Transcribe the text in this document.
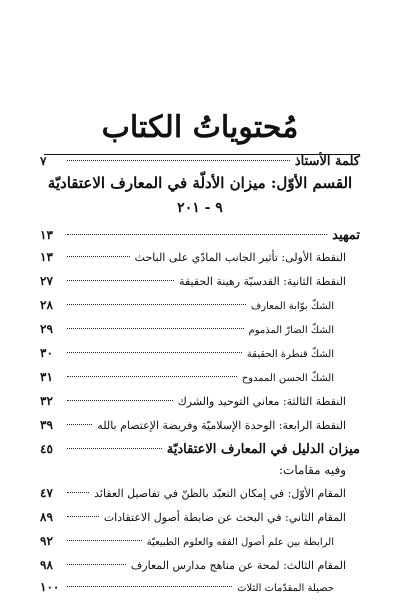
مُحتوياتُ الكتاب
كلمة الأستاذ
٧
القسم الأوّل: ميزان الأدلّة في المعارف الاعتقاديّة
٩ - ٢٠١
تمهيد
١٣
النقطة الأولى: تأثير الجانب المادّي على الباحث
١٣
النقطة الثانية: القدسيّة رهينة الحقيقة
٢٧
الشكّ بوّابة المعارف
٢٨
الشكّ الضارّ المذموم
٢٩
الشكّ قنطرة الحقيقة
٣٠
الشكّ الحسن الممدوح
٣١
النقطة الثالثة: معاني التوحيد والشرك
٣٢
النقطة الرابعة: الوحدة الإسلاميّة وفريضة الإعتصام بالله
٣٩
ميزان الدليل في المعارف الاعتقاديّة
٤٥
وفيه مقامات:
المقام الأوّل: في إمكان التعبّد بالظنّ في تفاصيل العقائد
٤٧
المقام الثاني: في البحث عن ضابطة أصول الاعتقادات
٨٩
الرابطة بين علم أصول الفقه والعلوم الطبيعيّة
٩٢
المقام الثالث: لمحة عن مناهج مدارس المعارف
٩٨
حصيلة المقدّمات الثلاث
١٠٠
